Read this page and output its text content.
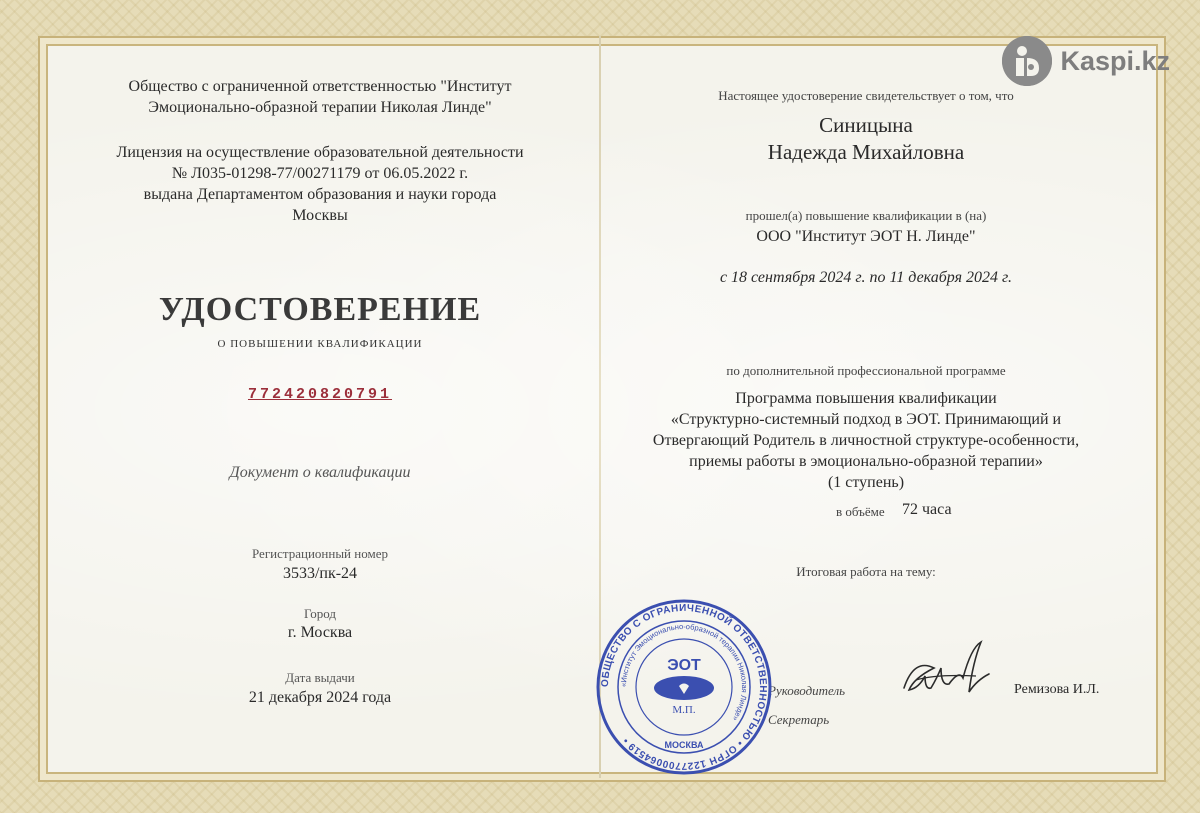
Kaspi.kz
Общество с ограниченной ответственностью "Институт
Эмоционально-образной терапии Николая Линде"
Лицензия на осуществление образовательной деятельности
№ Л035-01298-77/00271179 от 06.05.2022 г.
выдана Департаментом образования и науки города
Москвы
УДОСТОВЕРЕНИЕ
О ПОВЫШЕНИИ КВАЛИФИКАЦИИ
772420820791
Документ о квалификации
Регистрационный номер
3533/пк-24
Город
г. Москва
Дата выдачи
21 декабря 2024 года
Настоящее удостоверение свидетельствует о том, что
Синицына
Надежда Михайловна
прошел(а) повышение квалификации в (на)
ООО "Институт ЭОТ Н. Линде"
с 18 сентября 2024 г. по 11 декабря 2024 г.
по дополнительной профессиональной программе
Программа повышения квалификации
«Структурно-системный подход в ЭОТ. Принимающий и
Отвергающий Родитель в личностной структуре-особенности,
приемы работы в эмоционально-образной терапии»
(1 ступень)
в объёме 72 часа
Итоговая работа на тему:
Руководитель
Секретарь
Ремизова И.Л.
ОБЩЕСТВО С ОГРАНИЧЕННОЙ ОТВЕТСТВЕННОСТЬЮ • ОГРН 1227700064519 •
«Институт Эмоционально-образной терапии Николая Линде»
ЭОТ
М.П.
МОСКВА
